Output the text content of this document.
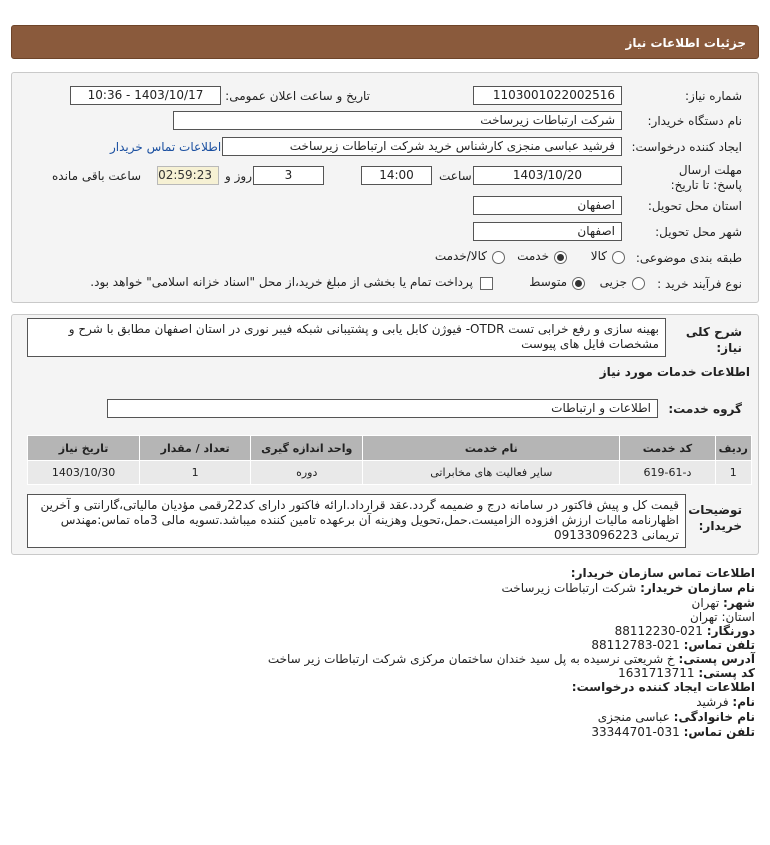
جزئیات اطلاعات نیاز
شماره نیاز:
1103001022002516
تاریخ و ساعت اعلان عمومی:
1403/10/17 - 10:36
نام دستگاه خریدار:
شرکت ارتباطات زیرساخت
ایجاد کننده درخواست:
فرشید عباسی منجزی کارشناس خرید شرکت ارتباطات زیرساخت
اطلاعات تماس خریدار
مهلت ارسال پاسخ: تا تاریخ:
1403/10/20
ساعت
14:00
3
روز و
02:59:23
ساعت باقی مانده
استان محل تحویل:
اصفهان
شهر محل تحویل:
اصفهان
طبقه بندی موضوعی:
کالا
خدمت
کالا/خدمت
نوع فرآیند خرید :
جزیی
متوسط
پرداخت تمام یا بخشی از مبلغ خرید،از محل "اسناد خزانه اسلامی" خواهد بود.
شرح کلی نیاز:
بهینه سازی و رفع خرابی تست OTDR- فیوژن کابل یابی و پشتیبانی شبکه فیبر نوری در استان اصفهان مطابق با شرح و مشخصات فایل های پیوست
اطلاعات خدمات مورد نیاز
گروه خدمت:
اطلاعات و ارتباطات
ردیف	کد خدمت	نام خدمت	واحد اندازه گیری	تعداد / مقدار	تاریخ نیاز
1	د-61-619	سایر فعالیت های مخابراتی	دوره	1	1403/10/30
توضیحات خریدار:
قیمت کل و پیش فاکتور در سامانه درج و ضمیمه گردد.عقد قرارداد.ارائه فاکتور دارای کد22رقمی مؤدیان مالیاتی،گارانتی و آخرین اظهارنامه مالیات ارزش افزوده الزامیست.حمل،تحویل وهزینه آن برعهده تامین کننده میباشد.تسویه مالی 3ماه تماس:مهندس تریمانی 09133096223
اطلاعات تماس سازمان خریدار:
نام سازمان خریدار: شرکت ارتباطات زیرساخت
شهر: تهران
استان: تهران
دورنگار: 021-88112230
تلفن تماس: 021-88112783
آدرس پستی: خ شریعتی نرسیده به پل سید خندان ساختمان مرکزی شرکت ارتباطات زیر ساخت
کد پستی: 1631713711
اطلاعات ایجاد کننده درخواست:
نام: فرشید
نام خانوادگی: عباسی منجزی
تلفن تماس: 031-33344701
